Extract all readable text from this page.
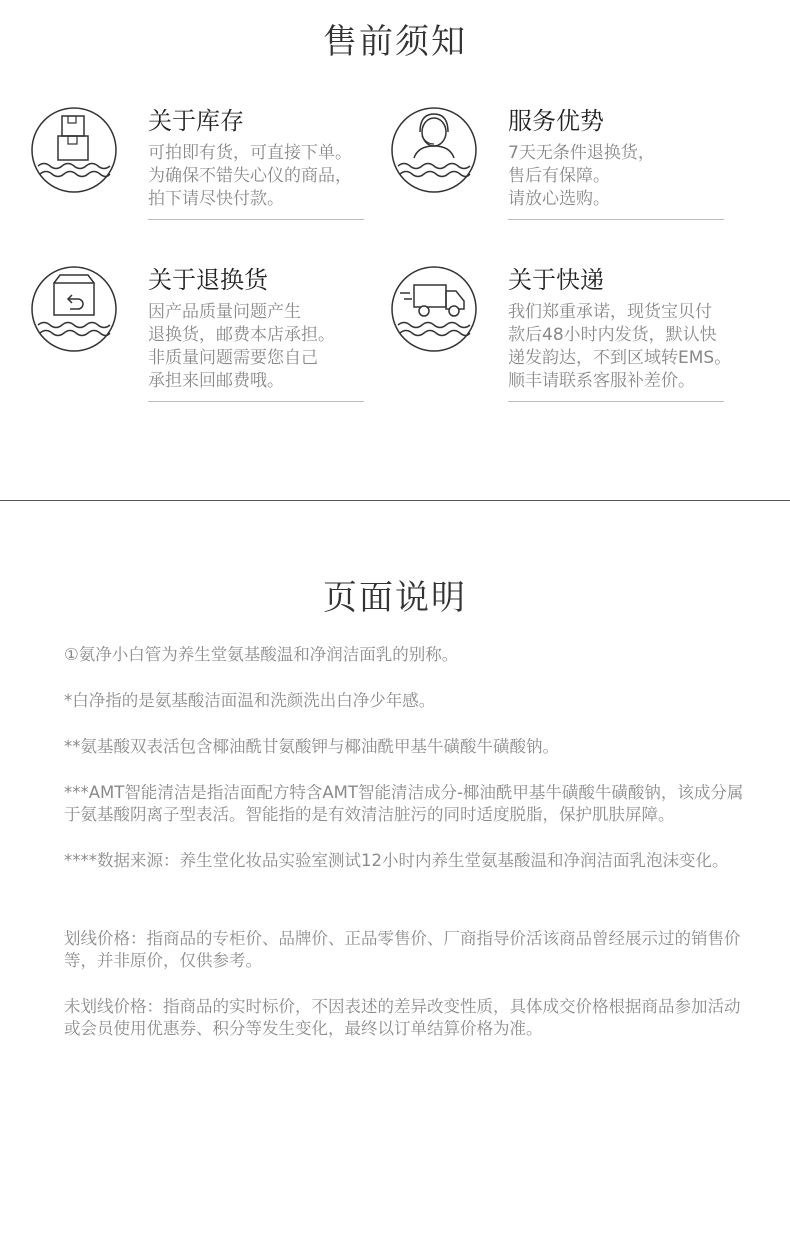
售前须知
关于库存
可拍即有货，可直接下单。
为确保不错失心仪的商品，
拍下请尽快付款。
服务优势
7天无条件退换货，
售后有保障。
请放心选购。
关于退换货
因产品质量问题产生
退换货，邮费本店承担。
非质量问题需要您自己
承担来回邮费哦。
关于快递
我们郑重承诺，现货宝贝付
款后48小时内发货，默认快
递发韵达，不到区域转EMS。
顺丰请联系客服补差价。
页面说明

①氨净小白管为养生堂氨基酸温和净润洁面乳的别称。

*白净指的是氨基酸洁面温和洗颜洗出白净少年感。

**氨基酸双表活包含椰油酰甘氨酸钾与椰油酰甲基牛磺酸牛磺酸钠。

***AMT智能清洁是指洁面配方特含AMT智能清洁成分-椰油酰甲基牛磺酸牛磺酸钠，该成分属于氨基酸阴离子型表活。智能指的是有效清洁脏污的同时适度脱脂，保护肌肤屏障。

****数据来源：养生堂化妆品实验室测试12小时内养生堂氨基酸温和净润洁面乳泡沫变化。

划线价格：指商品的专柜价、品牌价、正品零售价、厂商指导价活该商品曾经展示过的销售价等，并非原价，仅供参考。

未划线价格：指商品的实时标价，不因表述的差异改变性质，具体成交价格根据商品参加活动或会员使用优惠券、积分等发生变化，最终以订单结算价格为准。
